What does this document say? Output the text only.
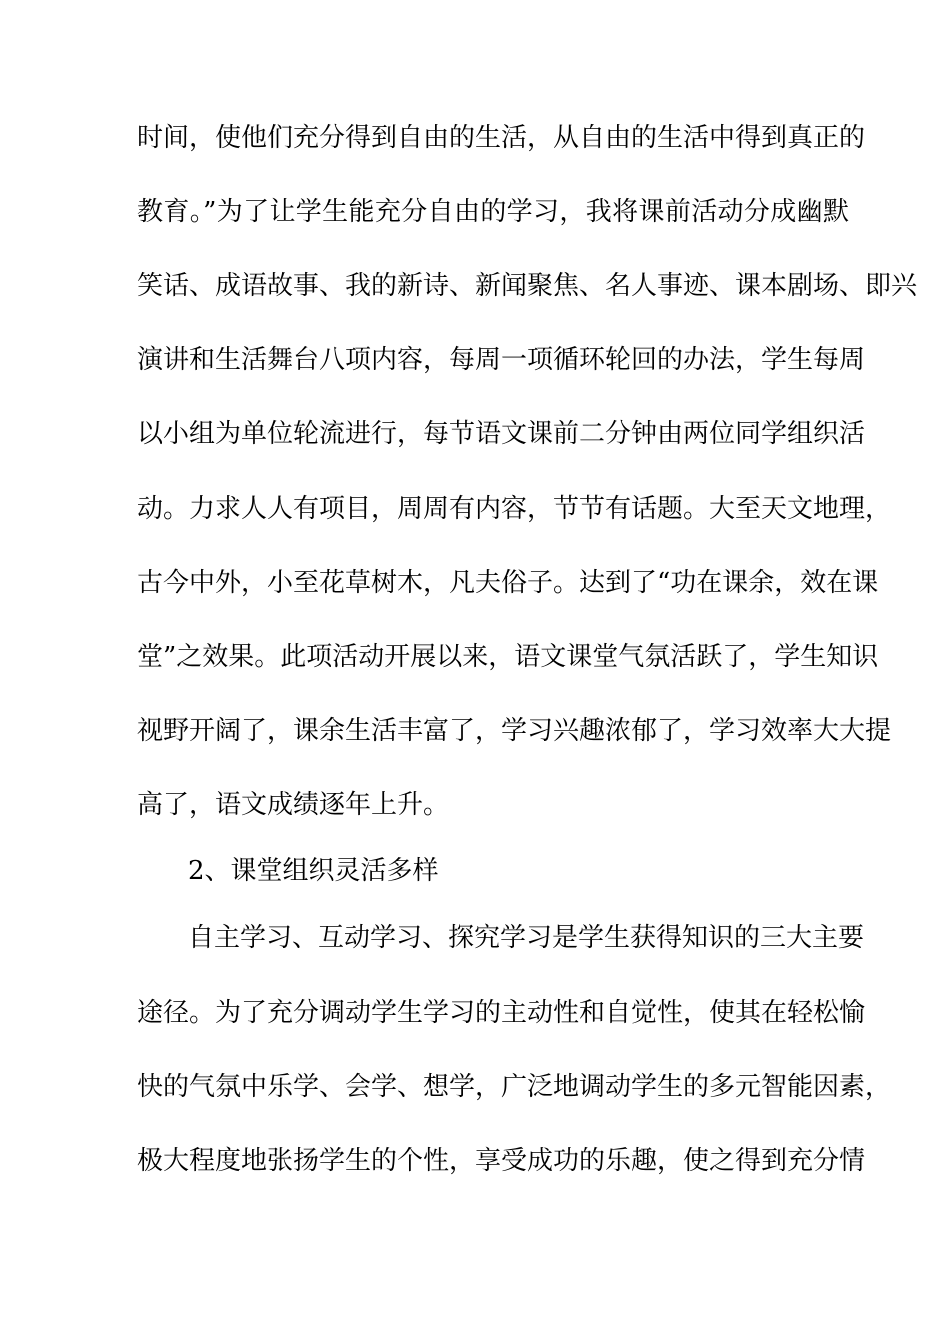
时间，使他们充分得到自由的生活，从自由的生活中得到真正的
教育。”为了让学生能充分自由的学习，我将课前活动分成幽默
笑话、成语故事、我的新诗、新闻聚焦、名人事迹、课本剧场、即兴
演讲和生活舞台八项内容，每周一项循环轮回的办法，学生每周
以小组为单位轮流进行，每节语文课前二分钟由两位同学组织活
动。力求人人有项目，周周有内容，节节有话题。大至天文地理，
古今中外，小至花草树木，凡夫俗子。达到了“功在课余，效在课
堂”之效果。此项活动开展以来，语文课堂气氛活跃了，学生知识
视野开阔了，课余生活丰富了，学习兴趣浓郁了，学习效率大大提
高了，语文成绩逐年上升。
2、课堂组织灵活多样
自主学习、互动学习、探究学习是学生获得知识的三大主要
途径。为了充分调动学生学习的主动性和自觉性，使其在轻松愉
快的气氛中乐学、会学、想学，广泛地调动学生的多元智能因素，
极大程度地张扬学生的个性，享受成功的乐趣，使之得到充分情
